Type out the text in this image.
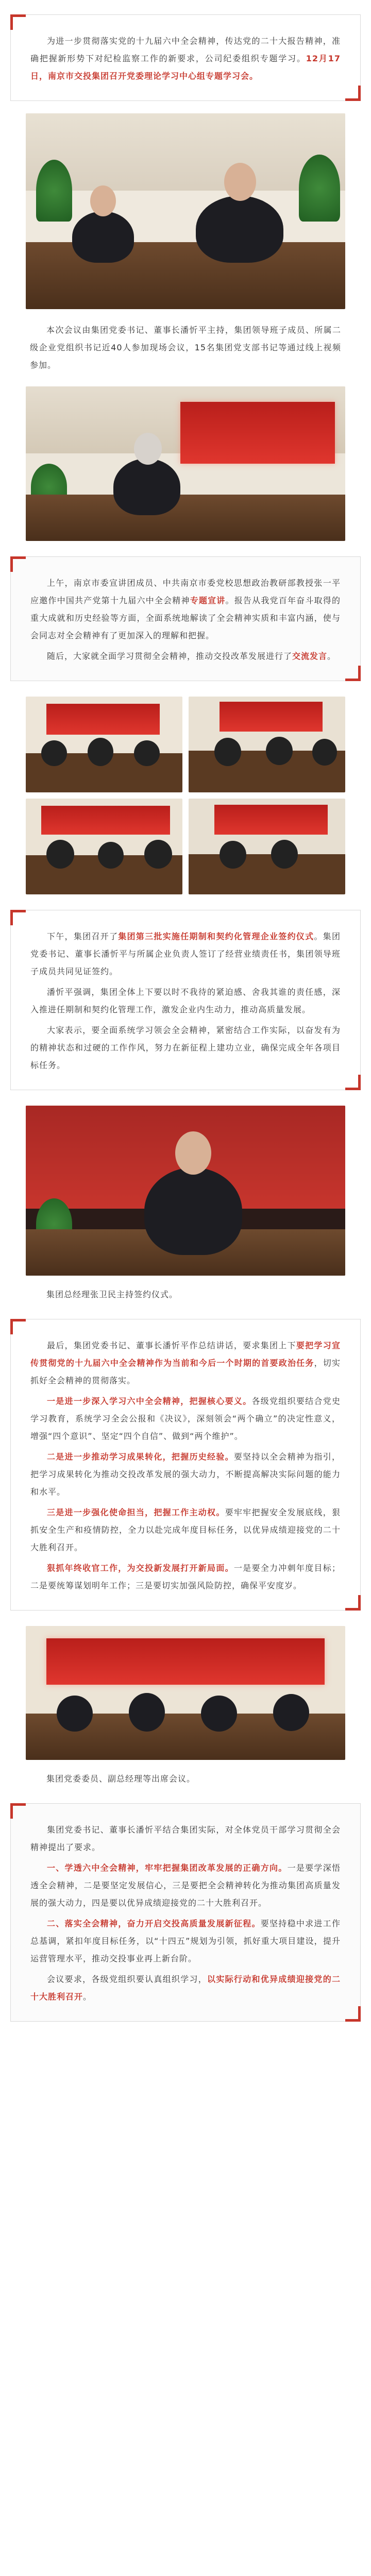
为进一步贯彻落实党的十九届六中全会精神，传达党的二十大报告精神，准确把握新形势下对纪检监察工作的新要求，公司纪委组织专题学习。12月17日，南京市交投集团召开党委理论学习中心组专题学习会。

本次会议由集团党委书记、董事长潘忻平主持，集团领导班子成员、所属二级企业党组织书记近40人参加现场会议，15名集团党支部书记等通过线上视频参加。

上午，南京市委宣讲团成员、中共南京市委党校思想政治教研部教授张一平应邀作中国共产党第十九届六中全会精神专题宣讲。报告从我党百年奋斗取得的重大成就和历史经验等方面，全面系统地解读了全会精神实质和丰富内涵，使与会同志对全会精神有了更加深入的理解和把握。

随后，大家就全面学习贯彻全会精神，推动交投改革发展进行了交流发言。

下午，集团召开了集团第三批实施任期制和契约化管理企业签约仪式。集团党委书记、董事长潘忻平与所属企业负责人签订了经营业绩责任书，集团领导班子成员共同见证签约。

潘忻平强调，集团全体上下要以时不我待的紧迫感、舍我其谁的责任感，深入推进任期制和契约化管理工作，激发企业内生动力，推动高质量发展。

大家表示，要全面系统学习领会全会精神，紧密结合工作实际，以奋发有为的精神状态和过硬的工作作风，努力在新征程上建功立业，确保完成全年各项目标任务。

集团总经理张卫民主持签约仪式。

最后，集团党委书记、董事长潘忻平作总结讲话，要求集团上下要把学习宣传贯彻党的十九届六中全会精神作为当前和今后一个时期的首要政治任务，切实抓好全会精神的贯彻落实。

一是进一步深入学习六中全会精神，把握核心要义。各级党组织要结合党史学习教育，系统学习全会公报和《决议》，深刻领会“两个确立”的决定性意义，增强“四个意识”、坚定“四个自信”、做到“两个维护”。

二是进一步推动学习成果转化，把握历史经验。要坚持以全会精神为指引，把学习成果转化为推动交投改革发展的强大动力，不断提高解决实际问题的能力和水平。

三是进一步强化使命担当，把握工作主动权。要牢牢把握安全发展底线，狠抓安全生产和疫情防控，全力以赴完成年度目标任务，以优异成绩迎接党的二十大胜利召开。

狠抓年终收官工作，为交投新发展打开新局面。一是要全力冲刺年度目标；二是要统筹谋划明年工作；三是要切实加强风险防控，确保平安度岁。

集团党委委员、副总经理等出席会议。

集团党委书记、董事长潘忻平结合集团实际，对全体党员干部学习贯彻全会精神提出了要求。

一、学透六中全会精神，牢牢把握集团改革发展的正确方向。一是要学深悟透全会精神，二是要坚定发展信心，三是要把全会精神转化为推动集团高质量发展的强大动力，四是要以优异成绩迎接党的二十大胜利召开。

二、落实全会精神，奋力开启交投高质量发展新征程。要坚持稳中求进工作总基调，紧扣年度目标任务，以“十四五”规划为引领，抓好重大项目建设，提升运营管理水平，推动交投事业再上新台阶。

会议要求，各级党组织要认真组织学习，以实际行动和优异成绩迎接党的二十大胜利召开。
